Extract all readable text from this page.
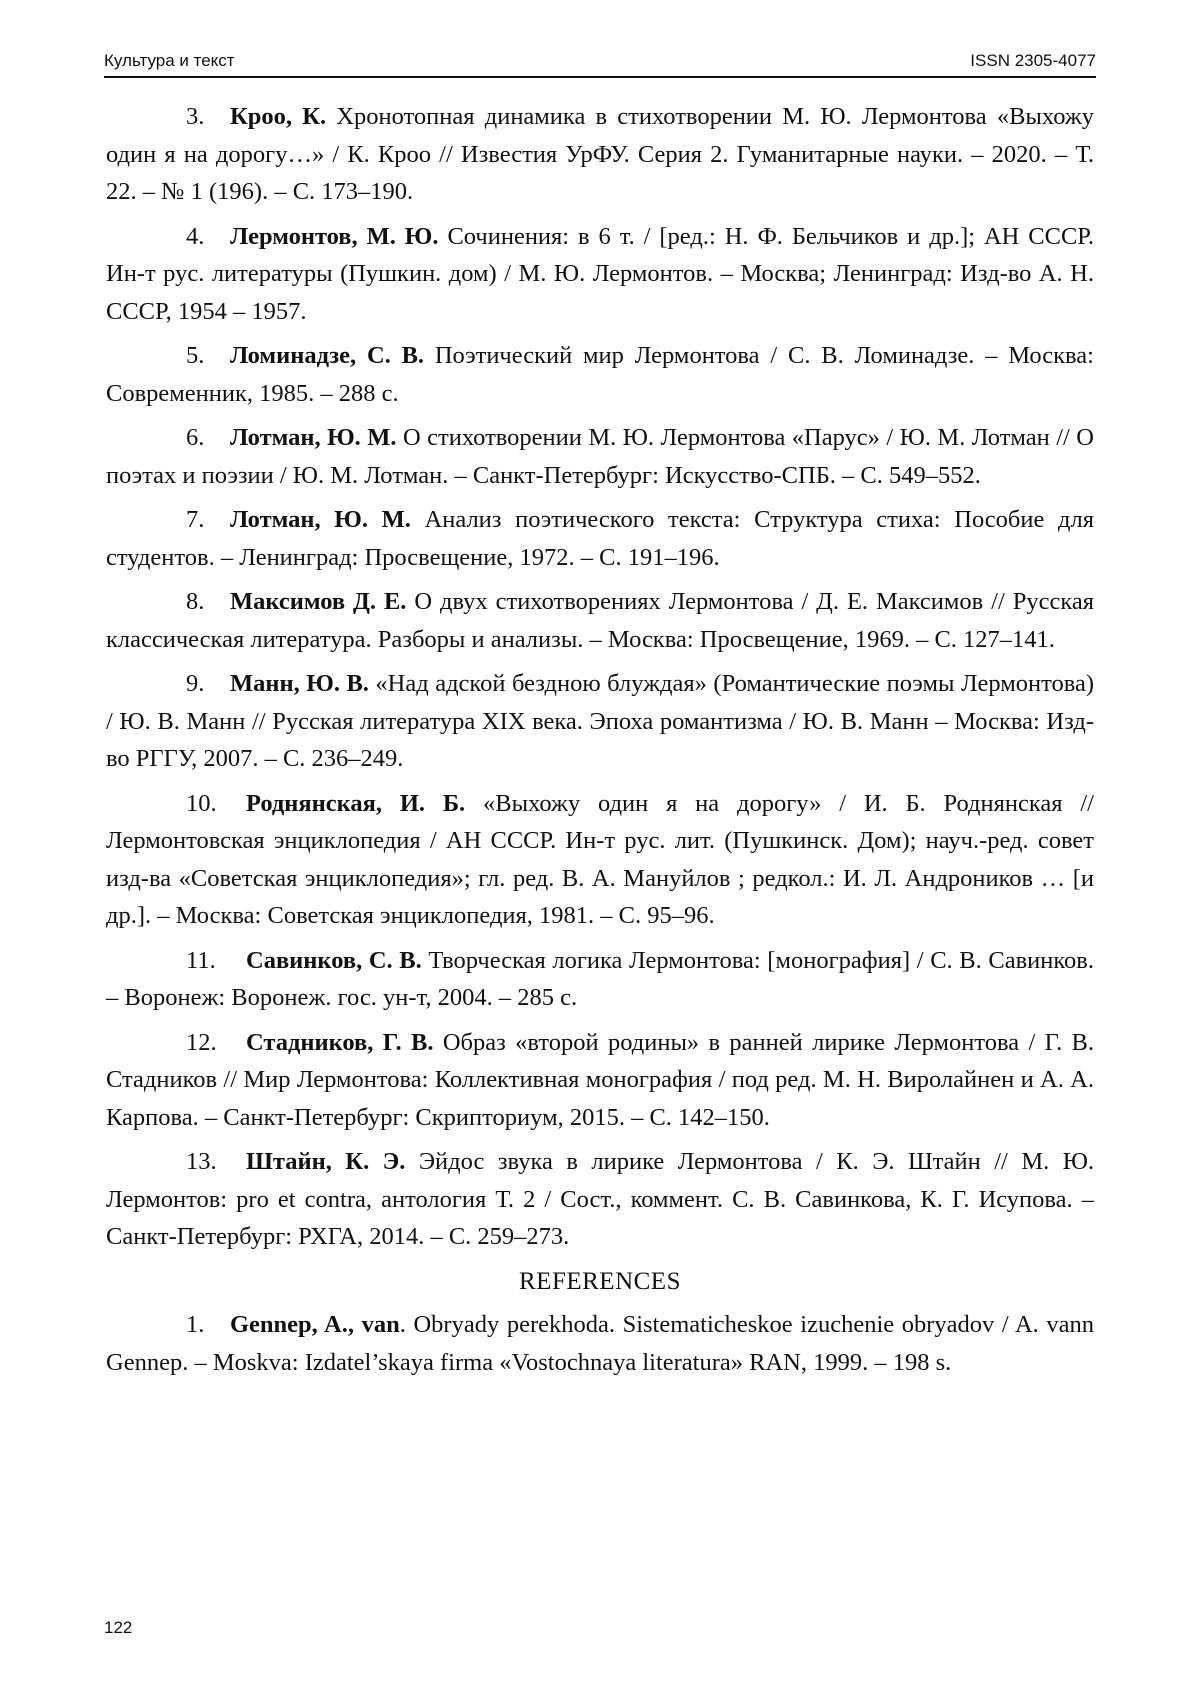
Культура и текст	ISSN 2305-4077

3. Кроо, К. Хронотопная динамика в стихотворении М. Ю. Лермонтова «Выхожу один я на дорогу…» / К. Кроо // Известия УрФУ. Серия 2. Гуманитарные науки. – 2020. – Т. 22. – № 1 (196). – С. 173–190.

4. Лермонтов, М. Ю. Сочинения: в 6 т. / [ред.: Н. Ф. Бельчиков и др.]; АН СССР. Ин-т рус. литературы (Пушкин. дом) / М. Ю. Лермонтов. – Москва; Ленинград: Изд-во А. Н. СССР, 1954 – 1957.

5. Ломинадзе, С. В. Поэтический мир Лермонтова / С. В. Ломинадзе. – Москва: Современник, 1985. – 288 с.

6. Лотман, Ю. М. О стихотворении М. Ю. Лермонтова «Парус» / Ю. М. Лотман // О поэтах и поэзии / Ю. М. Лотман. – Санкт-Петербург: Искусство-СПБ. – С. 549–552.

7. Лотман, Ю. М. Анализ поэтического текста: Структура стиха: Пособие для студентов. – Ленинград: Просвещение, 1972. – С. 191–196.

8. Максимов Д. Е. О двух стихотворениях Лермонтова / Д. Е. Максимов // Русская классическая литература. Разборы и анализы. – Москва: Просвещение, 1969. – С. 127–141.

9. Манн, Ю. В. «Над адской бездною блуждая» (Романтические поэмы Лермонтова) / Ю. В. Манн // Русская литература XIX века. Эпоха романтизма / Ю. В. Манн – Москва: Изд-во РГГУ, 2007. – С. 236–249.

10. Роднянская, И. Б. «Выхожу один я на дорогу» / И. Б. Роднянская // Лермонтовская энциклопедия / АН СССР. Ин-т рус. лит. (Пушкинск. Дом); науч.-ред. совет изд-ва «Советская энциклопедия»; гл. ред. В. А. Мануйлов ; редкол.: И. Л. Андроников … [и др.]. – Москва: Советская энциклопедия, 1981. – С. 95–96.

11. Савинков, С. В. Творческая логика Лермонтова: [монография] / С. В. Савинков. – Воронеж: Воронеж. гос. ун-т, 2004. – 285 с.

12. Стадников, Г. В. Образ «второй родины» в ранней лирике Лермонтова / Г. В. Стадников // Мир Лермонтова: Коллективная монография / под ред. М. Н. Виролайнен и А. А. Карпова. – Санкт-Петербург: Скрипториум, 2015. – С. 142–150.

13. Штайн, К. Э. Эйдос звука в лирике Лермонтова / К. Э. Штайн // М. Ю. Лермонтов: pro et contra, антология Т. 2 / Сост., коммент. С. В. Савинкова, К. Г. Исупова. – Санкт-Петербург: РХГА, 2014. – С. 259–273.

REFERENCES

1. Gennep, A., van. Obryady perekhoda. Sistematicheskoe izuchenie obryadov / A. vann Gennep. – Moskva: Izdatel’skaya firma «Vostochnaya literatura» RAN, 1999. – 198 s.

122
